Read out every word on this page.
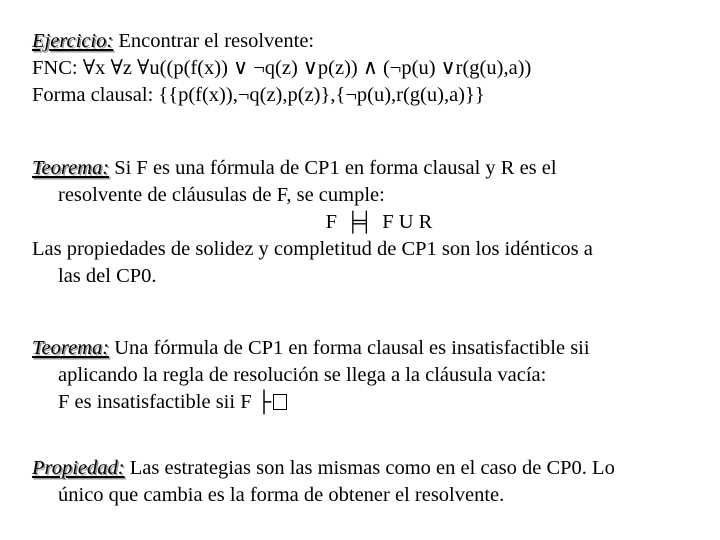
Ejercicio: Encontrar el resolvente:
FNC: ∀x ∀z ∀u((p(f(x)) ∨ ¬q(z) ∨p(z)) ∧ (¬p(u) ∨r(g(u),a))
Forma clausal: {{p(f(x)),¬q(z),p(z)},{¬p(u),r(g(u),a)}}
Teorema: Si F es una fórmula de CP1 en forma clausal y R es el
resolvente de cláusulas de F, se cumple:
F ╞╡ F U R
Las propiedades de solidez y completitud de CP1 son los idénticos a
las del CP0.
Teorema: Una fórmula de CP1 en forma clausal es insatisfactible sii
aplicando la regla de resolución se llega a la cláusula vacía:
F es insatisfactible sii F ├
Propiedad: Las estrategias son las mismas como en el caso de CP0. Lo
único que cambia es la forma de obtener el resolvente.
